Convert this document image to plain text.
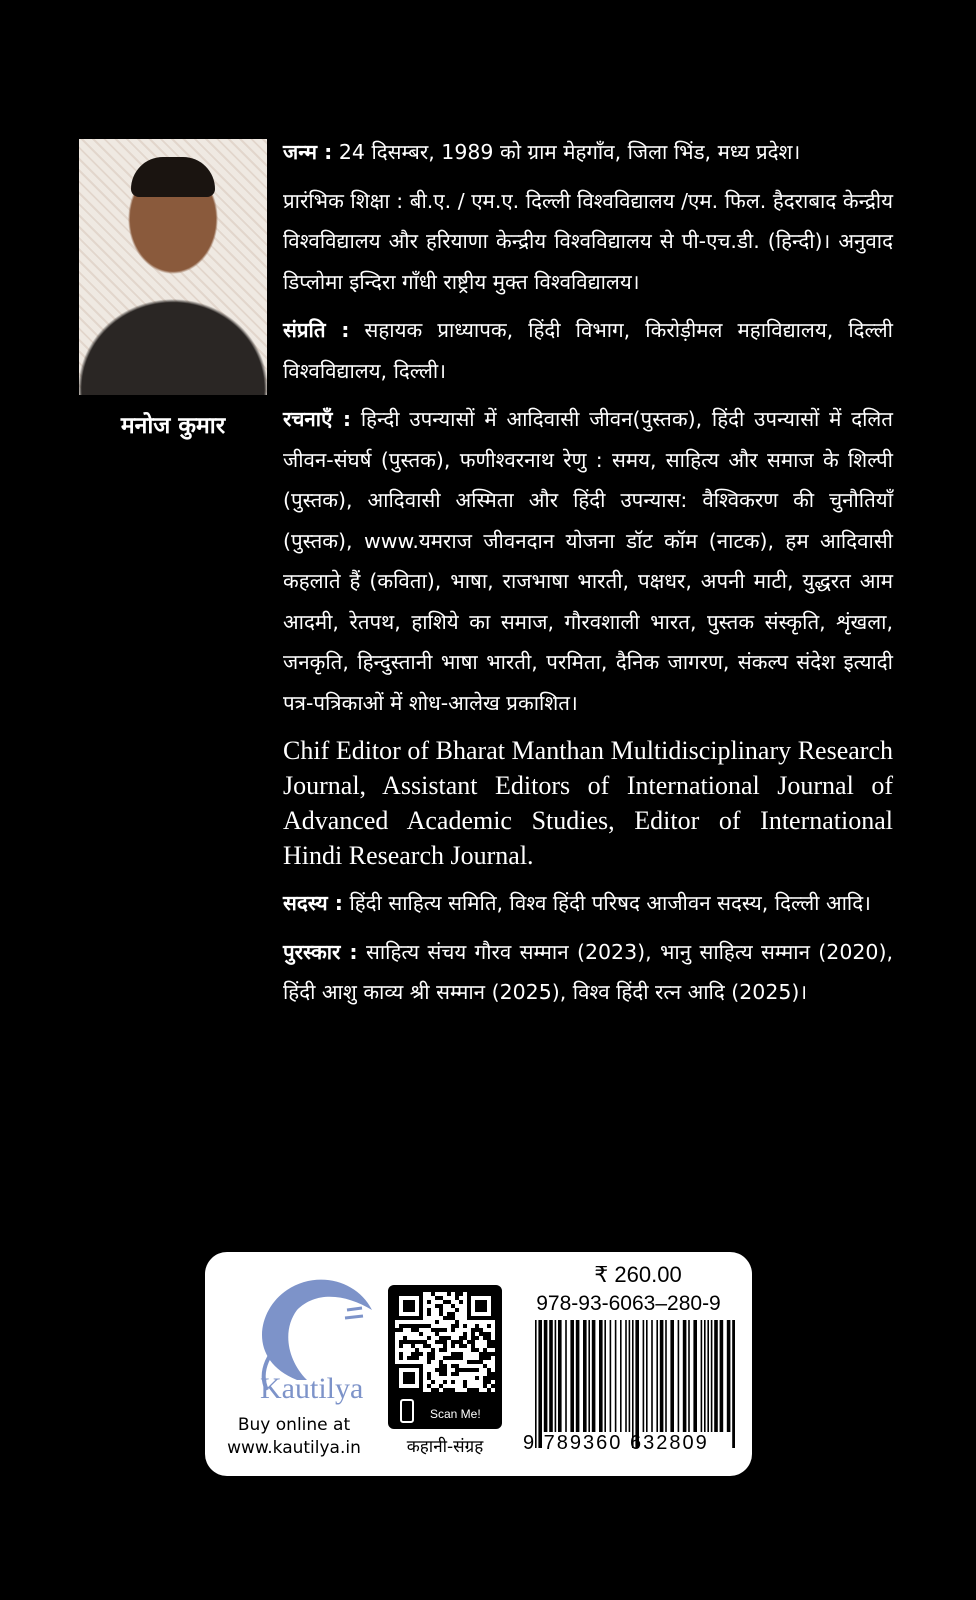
मनोज कुमार

जन्म : 24 दिसम्बर, 1989 को ग्राम मेहगाँव, जिला भिंड, मध्य प्रदेश।

प्रारंभिक शिक्षा : बी.ए. / एम.ए. दिल्ली विश्वविद्यालय /एम. फिल. हैदराबाद केन्द्रीय विश्वविद्यालय और हरियाणा केन्द्रीय विश्वविद्यालय से पी-एच.डी. (हिन्दी)। अनुवाद डिप्लोमा इन्दिरा गाँधी राष्ट्रीय मुक्त विश्वविद्यालय।

संप्रति : सहायक प्राध्यापक, हिंदी विभाग, किरोड़ीमल महाविद्यालय, दिल्ली विश्वविद्यालय, दिल्ली।

रचनाएँ : हिन्दी उपन्यासों में आदिवासी जीवन(पुस्तक), हिंदी उपन्यासों में दलित जीवन-संघर्ष (पुस्तक), फणीश्वरनाथ रेणु : समय, साहित्य और समाज के शिल्पी (पुस्तक), आदिवासी अस्मिता और हिंदी उपन्यास: वैश्विकरण की चुनौतियाँ (पुस्तक), www.यमराज जीवनदान योजना डॉट कॉम (नाटक), हम आदिवासी कहलाते हैं (कविता), भाषा, राजभाषा भारती, पक्षधर, अपनी माटी, युद्धरत आम आदमी, रेतपथ, हाशिये का समाज, गौरवशाली भारत, पुस्तक संस्कृति, शृंखला, जनकृति, हिन्दुस्तानी भाषा भारती, परमिता, दैनिक जागरण, संकल्प संदेश इत्यादी पत्र-पत्रिकाओं में शोध-आलेख प्रकाशित।

Chif Editor of Bharat Manthan Multidisciplinary Research Journal, Assistant Editors of International Journal of Advanced Academic Studies, Editor of International Hindi Research Journal.

सदस्य : हिंदी साहित्य समिति, विश्व हिंदी परिषद आजीवन सदस्य, दिल्ली आदि।

पुरस्कार : साहित्य संचय गौरव सम्मान (2023), भानु साहित्य सम्मान (2020), हिंदी आशु काव्य श्री सम्मान (2025), विश्व हिंदी रत्न आदि (2025)।

Kautilya
Buy online at
www.kautilya.in
Scan Me!
कहानी-संग्रह
₹ 260.00
978-93-6063–280-9
9 789360 632809
